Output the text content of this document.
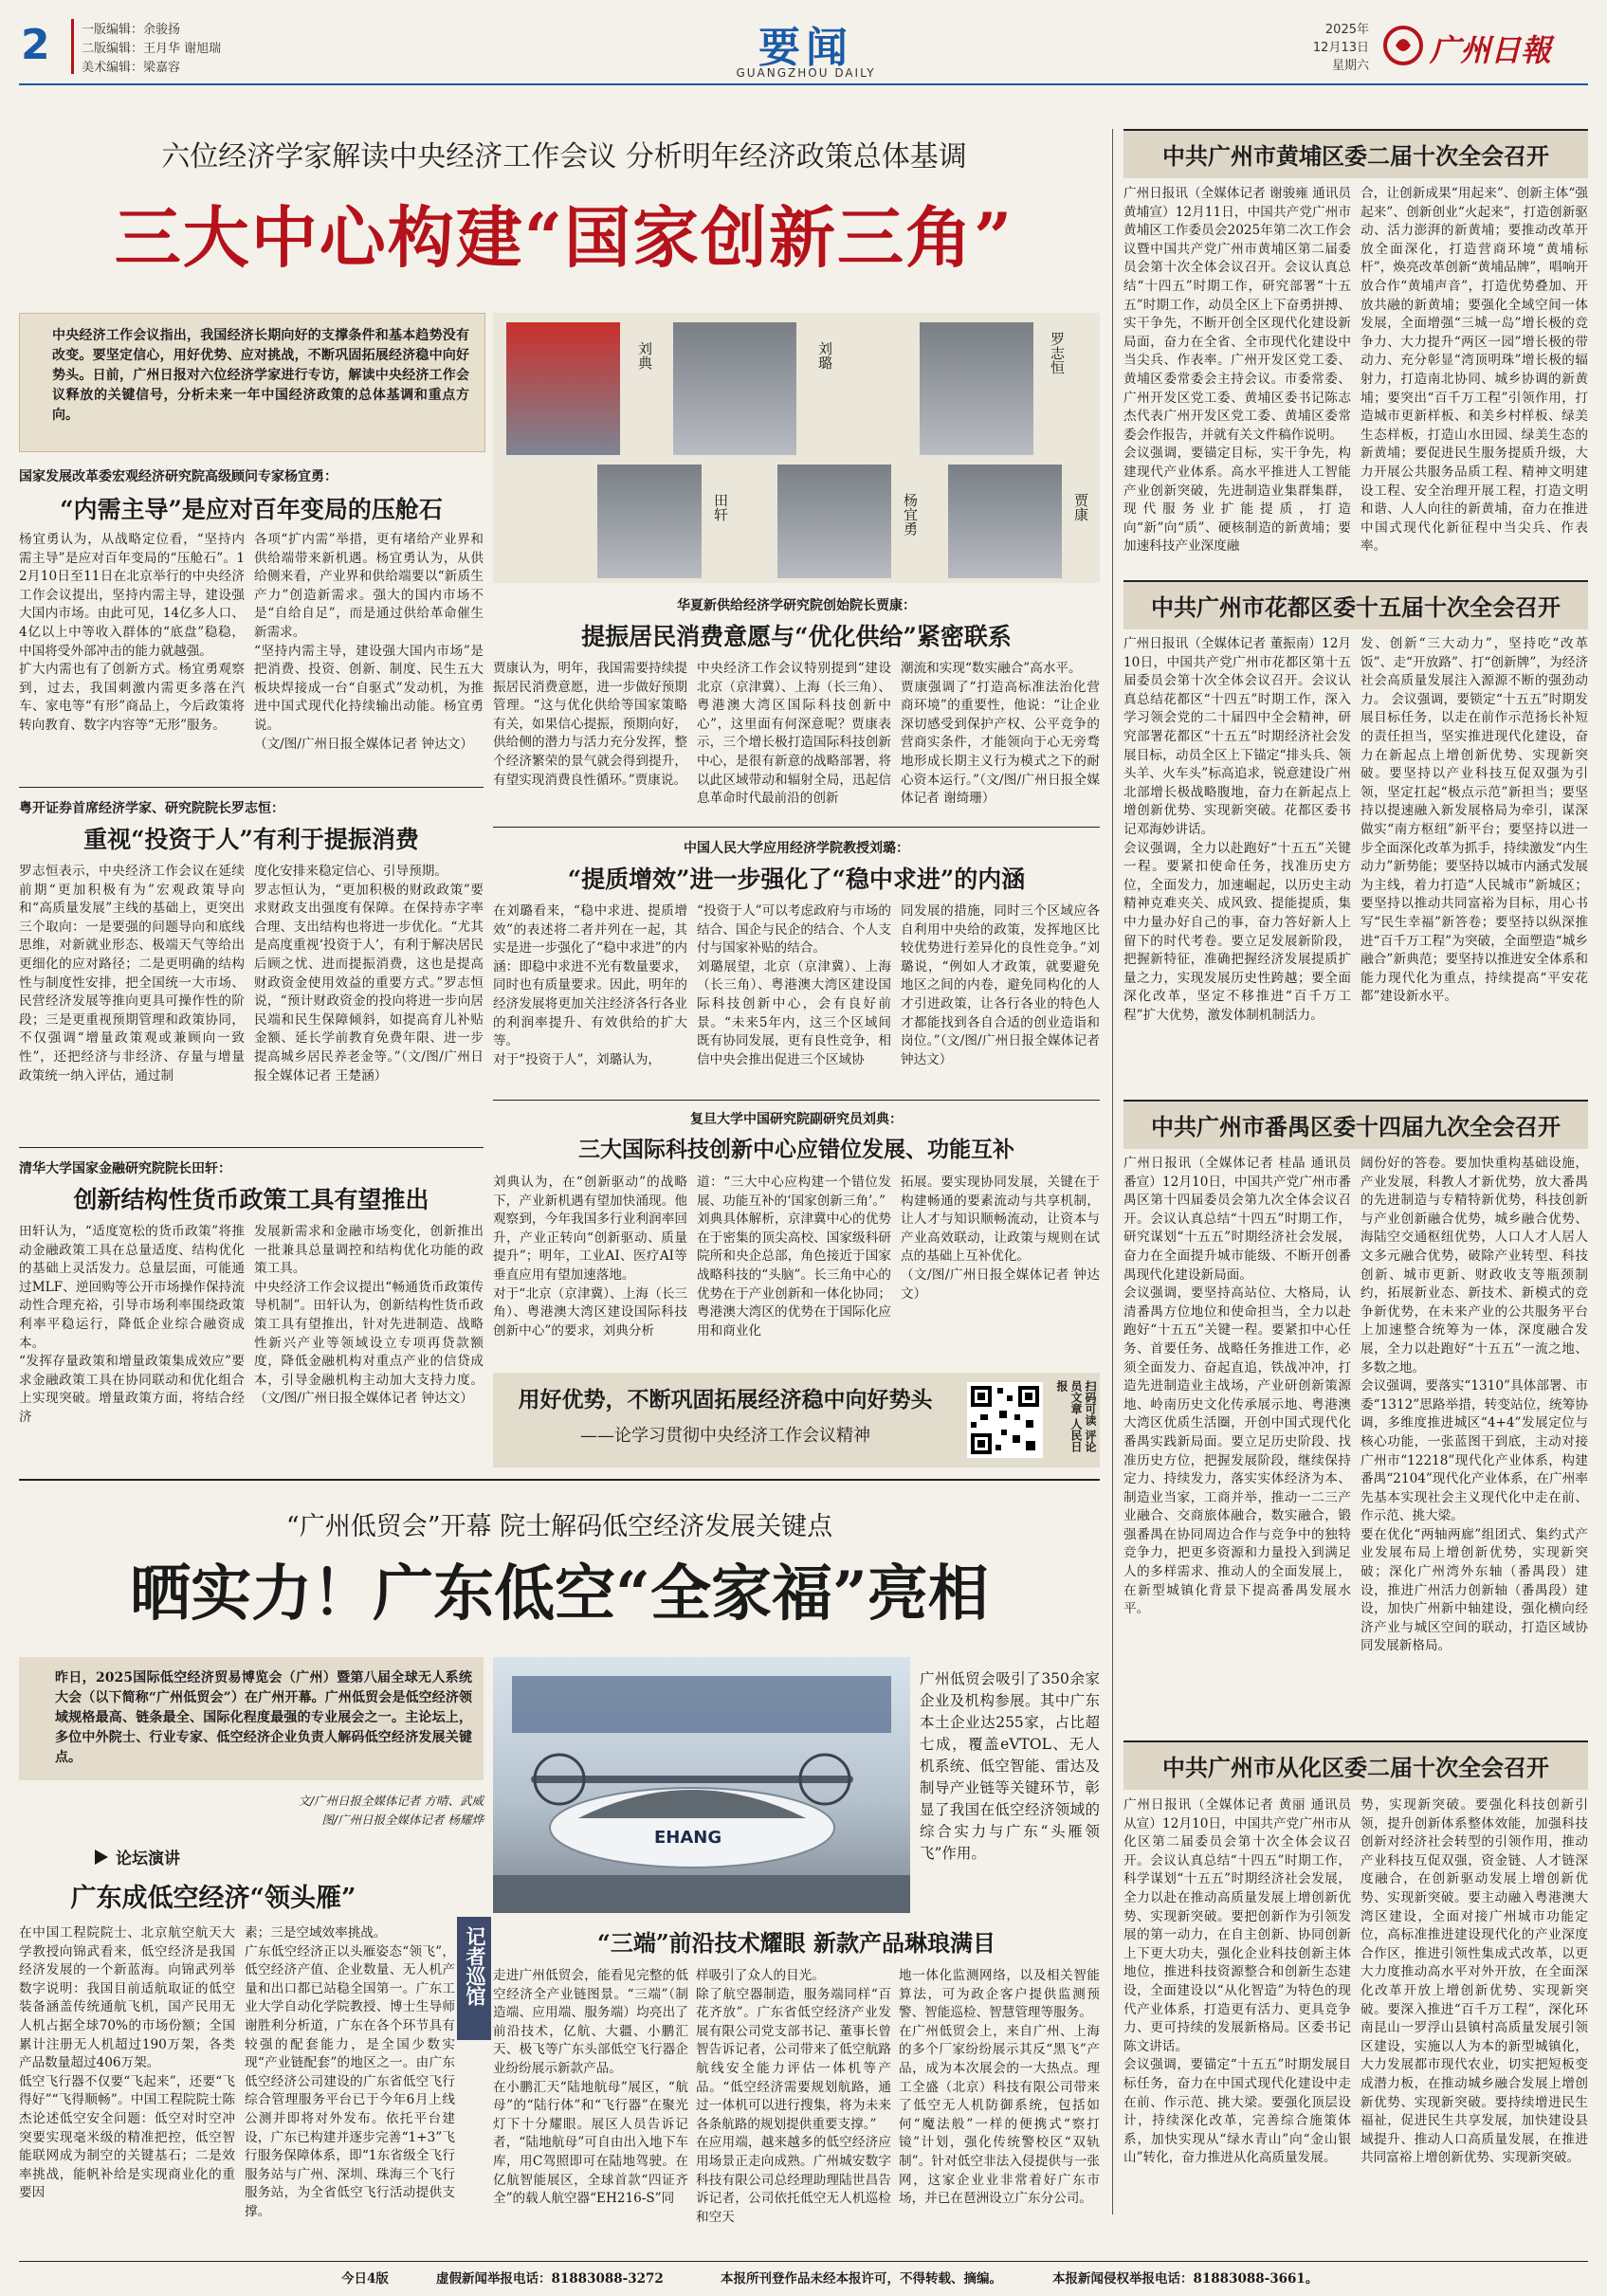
2	一版编辑：余骏扬
二版编辑：王月华 谢旭瑞
美术编辑：梁嘉容	要闻
GUANGZHOU DAILY
2025年
12月13日
星期六 广州日報
六位经济学家解读中央经济工作会议 分析明年经济政策总体基调
三大中心构建“国家创新三角”
中央经济工作会议指出，我国经济长期向好的支撑条件和基本趋势没有改变。要坚定信心，用好优势、应对挑战，不断巩固拓展经济稳中向好势头。日前，广州日报对六位经济学家进行专访，解读中央经济工作会议释放的关键信号，分析未来一年中国经济政策的总体基调和重点方向。
刘典	刘璐	罗志恒
田轩	杨宜勇	贾康
国家发展改革委宏观经济研究院高级顾问专家杨宜勇：
“内需主导”是应对百年变局的压舱石
杨宜勇认为，从战略定位看，“坚持内需主导”是应对百年变局的“压舱石”。12月10日至11日在北京举行的中央经济工作会议提出，坚持内需主导，建设强大国内市场。由此可见，14亿多人口、4亿以上中等收入群体的“底盘”稳稳，中国将受外部冲击的能力就越强。
扩大内需也有了创新方式。杨宜勇观察到，过去，我国刺激内需更多落在汽车、家电等“有形”商品上，今后政策将转向教育、数字内容等“无形”服务。
各项“扩内需”举措，更有堵给产业界和供给端带来新机遇。杨宜勇认为，从供给侧来看，产业界和供给端要以“新质生产力”创造新需求。强大的国内市场不是“自给自足”，而是通过供给革命催生新需求。
“坚持内需主导，建设强大国内市场”是把消费、投资、创新、制度、民生五大板块焊接成一台“自驱式”发动机，为推进中国式现代化持续输出动能。杨宜勇说。
（文/图/广州日报全媒体记者 钟达文）
华夏新供给经济学研究院创始院长贾康：
提振居民消费意愿与“优化供给”紧密联系
贾康认为，明年，我国需要持续提振居民消费意愿，进一步做好预期管理。“这与优化供给等国家策略有关，如果信心提振，预期向好，供给侧的潜力与活力充分发挥，整个经济繁荣的景气就会得到提升，有望实现消费良性循环。”贾康说。
中央经济工作会议特别提到“建设北京（京津冀）、上海（长三角）、粤港澳大湾区国际科技创新中心”，这里面有何深意呢？贾康表示，三个增长极打造国际科技创新中心，是很有新意的战略部署，将以此区域带动和辐射全局，迅起信息革命时代最前沿的创新
潮流和实现“数实融合”高水平。
贾康强调了“打造高标准法治化营商环境”的重要性，他说：“让企业深切感受到保护产权、公平竞争的营商实条件，才能领向于心无旁骛地形成长期主义行为模式之下的耐心资本运行。”（文/图/广州日报全媒体记者 谢绮珊）
粤开证券首席经济学家、研究院院长罗志恒：
重视“投资于人”有利于提振消费
罗志恒表示，中央经济工作会议在延续前期“更加积极有为”宏观政策导向和“高质量发展”主线的基础上，更突出三个取向：一是要强的问题导向和底线思维，对新就业形态、极端天气等给出更细化的应对路径；二是更明确的结构性与制度性安排，把全国统一大市场、民营经济发展等推向更具可操作性的阶段；三是更重视预期管理和政策协同，不仅强调“增量政策观或兼顾向一致性”，还把经济与非经济、存量与增量政策统一纳入评估，通过制
度化安排来稳定信心、引导预期。
罗志恒认为，“更加积极的财政政策”要求财政支出强度有保障。在保持赤字率合理、支出结构也将进一步优化。“尤其是高度重视‘投资于人’，有利于解决居民后顾之忧、进而提振消费，这也是提高财政资金使用效益的重要方式。”罗志恒说，“预计财政资金的投向将进一步向居民端和民生保障倾斜，如提高育儿补贴金额、延长学前教育免费年限、进一步提高城乡居民养老金等。”（文/图/广州日报全媒体记者 王楚涵）
中国人民大学应用经济学院教授刘璐：
“提质增效”进一步强化了“稳中求进”的内涵
在刘璐看来，“稳中求进、提质增效”的表述将二者并列在一起，其实是进一步强化了“稳中求进”的内涵：即稳中求进不光有数量要求，同时也有质量要求。因此，明年的经济发展将更加关注经济各行各业的利润率提升、有效供给的扩大等。
对于“投资于人”，刘璐认为，
“投资于人”可以考虑政府与市场的结合、国企与民企的结合、个人支付与国家补贴的结合。
刘璐展望，北京（京津冀）、上海（长三角）、粤港澳大湾区建设国际科技创新中心，会有良好前景。“未来5年内，这三个区域间既有协同发展，更有良性竞争，相信中央会推出促进三个区域协
同发展的措施，同时三个区域应各自利用中央给的政策，发挥地区比较优势进行差异化的良性竞争。”刘璐说，“例如人才政策，就要避免地区之间的内卷，避免同构化的人才引进政策，让各行各业的特色人才都能找到各自合适的创业造诣和岗位。”（文/图/广州日报全媒体记者 钟达文）
复旦大学中国研究院副研究员刘典：
三大国际科技创新中心应错位发展、功能互补
刘典认为，在“创新驱动”的战略下，产业新机遇有望加快涌现。他观察到，今年我国多行业利润率回升，产业正转向“创新驱动、质量提升”；明年，工业AI、医疗AI等垂直应用有望加速落地。
对于“北京（京津冀）、上海（长三角）、粤港澳大湾区建设国际科技创新中心”的要求，刘典分析
道：“三大中心应构建一个错位发展、功能互补的‘国家创新三角’。”
刘典具体解析，京津冀中心的优势在于密集的顶尖高校、国家级科研院所和央企总部，角色接近于国家战略科技的“头脑”。长三角中心的优势在于产业创新和一体化协同；粤港澳大湾区的优势在于国际化应用和商业化
拓展。要实现协同发展，关键在于构建畅通的要素流动与共享机制，让人才与知识顺畅流动，让资本与产业高效联动，让政策与规则在试点的基础上互补优化。
（文/图/广州日报全媒体记者 钟达文）
清华大学国家金融研究院院长田轩：
创新结构性货币政策工具有望推出
田轩认为，“适度宽松的货币政策”将推动金融政策工具在总量适度、结构优化的基础上灵活发力。总量层面，可能通过MLF、逆回购等公开市场操作保持流动性合理充裕，引导市场利率围绕政策利率平稳运行，降低企业综合融资成本。
“发挥存量政策和增量政策集成效应”要求金融政策工具在协同联动和优化组合上实现突破。增量政策方面，将结合经济
发展新需求和金融市场变化，创新推出一批兼具总量调控和结构优化功能的政策工具。
中央经济工作会议提出“畅通货币政策传导机制”。田轩认为，创新结构性货币政策工具有望推出，针对先进制造、战略性新兴产业等领域设立专项再贷款额度，降低金融机构对重点产业的信贷成本，引导金融机构主动加大支持力度。（文/图/广州日报全媒体记者 钟达文）	用好优势，不断巩固拓展经济稳中向好势头
——论学习贯彻中央经济工作会议精神	扫码可读 评论员文章 人民日报
“广州低贸会”开幕 院士解码低空经济发展关键点
晒实力！广东低空“全家福”亮相
昨日，2025国际低空经济贸易博览会（广州）暨第八届全球无人系统大会（以下简称“广州低贸会”）在广州开幕。广州低贸会是低空经济领域规格最高、链条最全、国际化程度最强的专业展会之一。主论坛上，多位中外院士、行业专家、低空经济企业负责人解码低空经济发展关键点。
文/广州日报全媒体记者 方晴、武威
图/广州日报全媒体记者 杨耀烨
EHANG
广州低贸会吸引了350余家企业及机构参展。其中广东本土企业达255家，占比超七成，覆盖eVTOL、无人机系统、低空智能、雷达及制导产业链等关键环节，彰显了我国在低空经济领域的综合实力与广东“头雁领飞”作用。
论坛演讲
广东成低空经济“领头雁”
在中国工程院院士、北京航空航天大学教授向锦武看来，低空经济是我国经济发展的一个新蓝海。向锦武列举数字说明：我国目前适航取证的低空装备涵盖传统通航飞机，国产民用无人机占据全球70%的市场份额；全国累计注册无人机超过190万架，各类产品数量超过406万架。
低空飞行器不仅要“飞起来”，还要“飞得好”“飞得顺畅”。中国工程院院士陈杰论述低空安全问题：低空对时空冲突要实现毫米级的精准把控，低空智能联网成为制空的关键基石；二是效率挑战，能帆补给是实现商业化的重要因
素；三是空域效率挑战。
广东低空经济正以头雁姿态“领飞”，低空经济产值、企业数量、无人机产量和出口都已站稳全国第一。广东工业大学自动化学院教授、博士生导师谢胜利分析道，广东在各个环节具有较强的配套能力，是全国少数实现“产业链配套”的地区之一。由广东低空经济公司建设的广东省低空飞行综合管理服务平台已于今年6月上线公测并即将对外发布。依托平台建设，广东已构建并逐步完善“1+3”飞行服务保障体系，即“1东省级全飞行服务站与广州、深圳、珠海三个飞行服务站，为全省低空飞行活动提供支撑。
记者巡馆	“三端”前沿技术耀眼 新款产品琳琅满目
走进广州低贸会，能看见完整的低空经济全产业链图景。“三端”（制造端、应用端、服务端）均亮出了前沿技术，亿航、大疆、小鹏汇天、极飞等广东头部低空飞行器企业纷纷展示新款产品。
在小鹏汇天“陆地航母”展区，“航母”的“陆行体”和“飞行器”在聚光灯下十分耀眼。展区人员告诉记者，“陆地航母”可自由出入地下车库，用C驾照即可在陆地驾驶。在亿航智能展区，全球首款“四证齐全”的载人航空器“EH216-S”同
样吸引了众人的目光。
除了航空器制造，服务端同样“百花齐放”。广东省低空经济产业发展有限公司党支部书记、董事长曾智告诉记者，公司带来了低空航路航线安全能力评估一体机等产品。“低空经济需要规划航路，通过一体机可以进行搜集，将为未来各条航路的规划提供重要支撑。”
在应用端，越来越多的低空经济应用场景正走向成熟。广州城安数字科技有限公司总经理助理陆世昌告诉记者，公司依托低空无人机巡检和空天
地一体化监测网络，以及相关智能算法，可为政企客户提供监测预警、智能巡检、智慧管理等服务。
在广州低贸会上，来自广州、上海的多个厂家纷纷展示其反“黑飞”产品，成为本次展会的一大热点。理工全盛（北京）科技有限公司带来了低空无人机防御系统，包括如何“魔法般”一样的便携式“察打镜”计划，强化传统警校区“双轨制”。针对低空非法入侵提供与一张网，这家企业业非常着好广东市场，并已在琶洲设立广东分公司。
中共广州市黄埔区委二届十次全会召开
广州日报讯（全媒体记者 谢骏雍 通讯员 黄埔宣）12月11日，中国共产党广州市黄埔区工作委员会2025年第二次工作会议暨中国共产党广州市黄埔区第二届委员会第十次全体会议召开。会议认真总结“十四五”时期工作，研究部署“十五五”时期工作，动员全区上下奋勇拼搏、实干争先，不断开创全区现代化建设新局面，奋力在全省、全市现代化建设中当尖兵、作表率。广州开发区党工委、黄埔区委常委会主持会议。市委常委、广州开发区党工委、黄埔区委书记陈志杰代表广州开发区党工委、黄埔区委常委会作报告，并就有关文件稿作说明。
会议强调，要锚定目标，实干争先，构建现代产业体系。高水平推进人工智能产业创新突破，先进制造业集群集群，现代服务业扩能提质，打造向“新”向“质”、硬核制造的新黄埔；要加速科技产业深度融
合，让创新成果“用起来”、创新主体“强起来”、创新创业“火起来”，打造创新驱动、活力澎湃的新黄埔；要推动改革开放全面深化，打造营商环境“黄埔标杆”，焕亮改革创新“黄埔品牌”，唱响开放合作“黄埔声音”，打造优势叠加、开放共融的新黄埔；要强化全域空间一体发展，全面增强“三城一岛”增长极的竞争力、大力提升“两区一园”增长极的带动力、充分彰显“湾顶明珠”增长极的辐射力，打造南北协同、城乡协调的新黄埔；要突出“百千万工程”引领作用，打造城市更新样板、和美乡村样板、绿美生态样板，打造山水田园、绿美生态的新黄埔；要促进民生服务提质升级，大力开展公共服务品质工程、精神文明建设工程、安全治理开展工程，打造文明和谐、人人向往的新黄埔，奋力在推进中国式现代化新征程中当尖兵、作表率。
中共广州市花都区委十五届十次全会召开
广州日报讯（全媒体记者 董振南）12月10日，中国共产党广州市花都区第十五届委员会第十次全体会议召开。会议认真总结花都区“十四五”时期工作，深入学习领会党的二十届四中全会精神，研究部署花都区“十五五”时期经济社会发展目标，动员全区上下锚定“排头兵、领头羊、火车头”标高追求，锐意建设广州北部增长极战略腹地，奋力在新起点上增创新优势、实现新突破。花都区委书记邓海妙讲话。
会议强调，全力以赴跑好“十五五”关键一程。要紧扣使命任务，找准历史方位，全面发力，加速崛起，以历史主动精神克难夹关、成风致、提能提质，集中力量办好自己的事，奋力答好新人上留下的时代考卷。要立足发展新阶段，把握新特征，准确把握经济发展提质扩量之力，实现发展历史性跨越；要全面深化改革，坚定不移推进“百千万工程”扩大优势，激发体制机制活力。
发、创新“三大动力”，坚持吃“改革饭”、走“开放路”、打“创新牌”，为经济社会高质量发展注入源源不断的强劲动力。 会议强调，要锁定“十五五”时期发展目标任务，以走在前作示范扬长补短的责任担当，坚实推进现代化建设，奋力在新起点上增创新优势、实现新突破。要坚持以产业科技互促双强为引领，坚定扛起“极点示范”新担当；要坚持以提速融入新发展格局为牵引，谋深做实“南方枢纽”新平台；要坚持以进一步全面深化改革为抓手，持续激发“内生动力”新势能；要坚持以城市内涵式发展为主线，着力打造“人民城市”新城区；要坚持以推动共同富裕为目标，用心书写“民生幸福”新答卷；要坚持以纵深推进“百千万工程”为突破，全面塑造“城乡融合”新典范；要坚持以推进安全体系和能力现代化为重点，持续提高“平安花都”建设新水平。
中共广州市番禺区委十四届九次全会召开
广州日报讯（全媒体记者 桂晶 通讯员 番宣）12月10日，中国共产党广州市番禺区第十四届委员会第九次全体会议召开。会议认真总结“十四五”时期工作，研究谋划“十五五”时期经济社会发展，奋力在全面提升城市能级、不断开创番禺现代化建设新局面。
会议强调，要坚持高站位、大格局，认清番禺方位地位和使命担当，全力以赴跑好“十五五”关键一程。要紧扣中心任务、首要任务、战略任务推进工作，必须全面发力、奋起直追，铁战冲冲，打造先进制造业主战场，产业研创新策源地、岭南历史文化传承展示地、粤港澳大湾区优质生活圈，开创中国式现代化番禺实践新局面。要立足历史阶段、找准历史方位，把握发展阶段，继续保持定力、持续发力，落实实体经济为本、制造业当家，工商并举，推动一二三产业融合、交商旅体融合，数实融合，锻强番禺在协同周边合作与竞争中的独特竞争力，把更多资源和力量投入到满足人的多样需求、推动人的全面发展上，在新型城镇化背景下提高番禺发展水平。
阔份好的答卷。要加快重构基础设施，产业发展，科教人才新优势，放大番禺的先进制造与专精特新优势，科技创新与产业创新融合优势，城乡融合优势、海陆空交通枢纽优势，人口人才人居人文多元融合优势，破除产业转型、科技创新、城市更新、财政收支等瓶颈制约，拓展新业态、新技术、新模式的竞争新优势，在未来产业的公共服务平台上加速整合统筹为一体，深度融合发展，全力以赴跑好“十五五”一流之地、多数之地。
会议强调，要落实“1310”具体部署、市委“1312”思路举措，转变站位，统筹协调，多维度推进城区“4+4”发展定位与核心功能，一张蓝图干到底，主动对接广州市“12218”现代化产业体系，构建番禺“2104”现代化产业体系，在广州率先基本实现社会主义现代化中走在前、作示范、挑大梁。
要在优化“两轴两廊”组团式、集约式产业发展布局上增创新优势，实现新突破；深化广州湾外东轴（番禺段）建设，推进广州活力创新轴（番禺段）建设，加快广州新中轴建设，强化横向经济产业与城区空间的联动，打造区域协同发展新格局。
中共广州市从化区委二届十次全会召开
广州日报讯（全媒体记者 黄丽 通讯员 从宣）12月10日，中国共产党广州市从化区第二届委员会第十次全体会议召开。会议认真总结“十四五”时期工作，科学谋划“十五五”时期经济社会发展，全力以赴在推动高质量发展上增创新优势、实现新突破。要把创新作为引领发展的第一动力，在自主创新、协同创新上下更大功夫，强化企业科技创新主体地位，推进科技资源整合和创新生态建设，全面建设以“从化智造”为特色的现代产业体系，打造更有活力、更具竞争力、更可持续的发展新格局。区委书记陈文讲话。
会议强调，要锚定“十五五”时期发展目标任务，奋力在中国式现代化建设中走在前、作示范、挑大梁。要强化顶层设计，持续深化改革，完善综合施策体系，加快实现从“绿水青山”向“金山银山”转化，奋力推进从化高质量发展。
势，实现新突破。要强化科技创新引领，提升创新体系整体效能，加强科技创新对经济社会转型的引领作用，推动产业科技互促双强，资金链、人才链深度融合，在创新驱动发展上增创新优势、实现新突破。要主动融入粤港澳大湾区建设，全面对接广州城市功能定位，高标准推进建设现代化的产业深度合作区，推进引领性集成式改革，以更大力度推动高水平对外开放，在全面深化改革开放上增创新优势、实现新突破。要深入推进“百千万工程”，深化环南昆山一罗浮山县镇村高质量发展引领区建设，实施以人为本的新型城镇化，大力发展都市现代农业，切实把短板变成潜力板，在推动城乡融合发展上增创新优势、实现新突破。要持续增进民生福祉，促进民生共享发展，加快建设县域提升、推动人口高质量发展，在推进共同富裕上增创新优势、实现新突破。
今日4版	虚假新闻举报电话：81883088-3272	本报所刊登作品未经本报许可，不得转载、摘编。	本报新闻侵权举报电话：81883088-3661。
